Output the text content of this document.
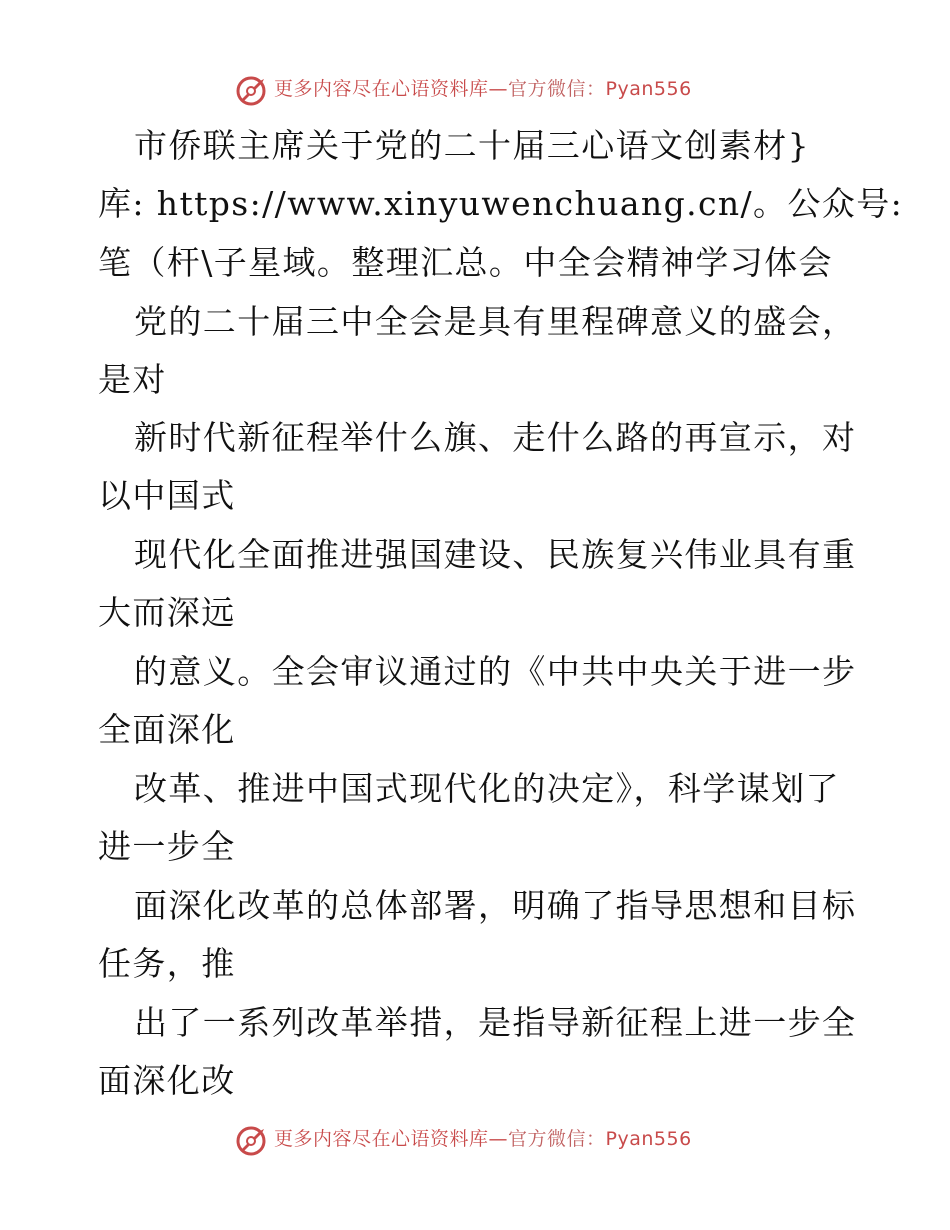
更多内容尽在心语资料库—官方微信：Pyan556
市侨联主席关于党的二十届三心语文创素材}
库: https://www.xinyuwenchuang.cn/。公众号:
笔（杆\子星域。整理汇总。中全会精神学习体会
党的二十届三中全会是具有里程碑意义的盛会，
是对
新时代新征程举什么旗、走什么路的再宣示，对
以中国式
现代化全面推进强国建设、民族复兴伟业具有重
大而深远
的意义。全会审议通过的《中共中央关于进一步
全面深化
改革、推进中国式现代化的决定》，科学谋划了
进一步全
面深化改革的总体部署，明确了指导思想和目标
任务，推
出了一系列改革举措，是指导新征程上进一步全
面深化改
更多内容尽在心语资料库—官方微信：Pyan556
